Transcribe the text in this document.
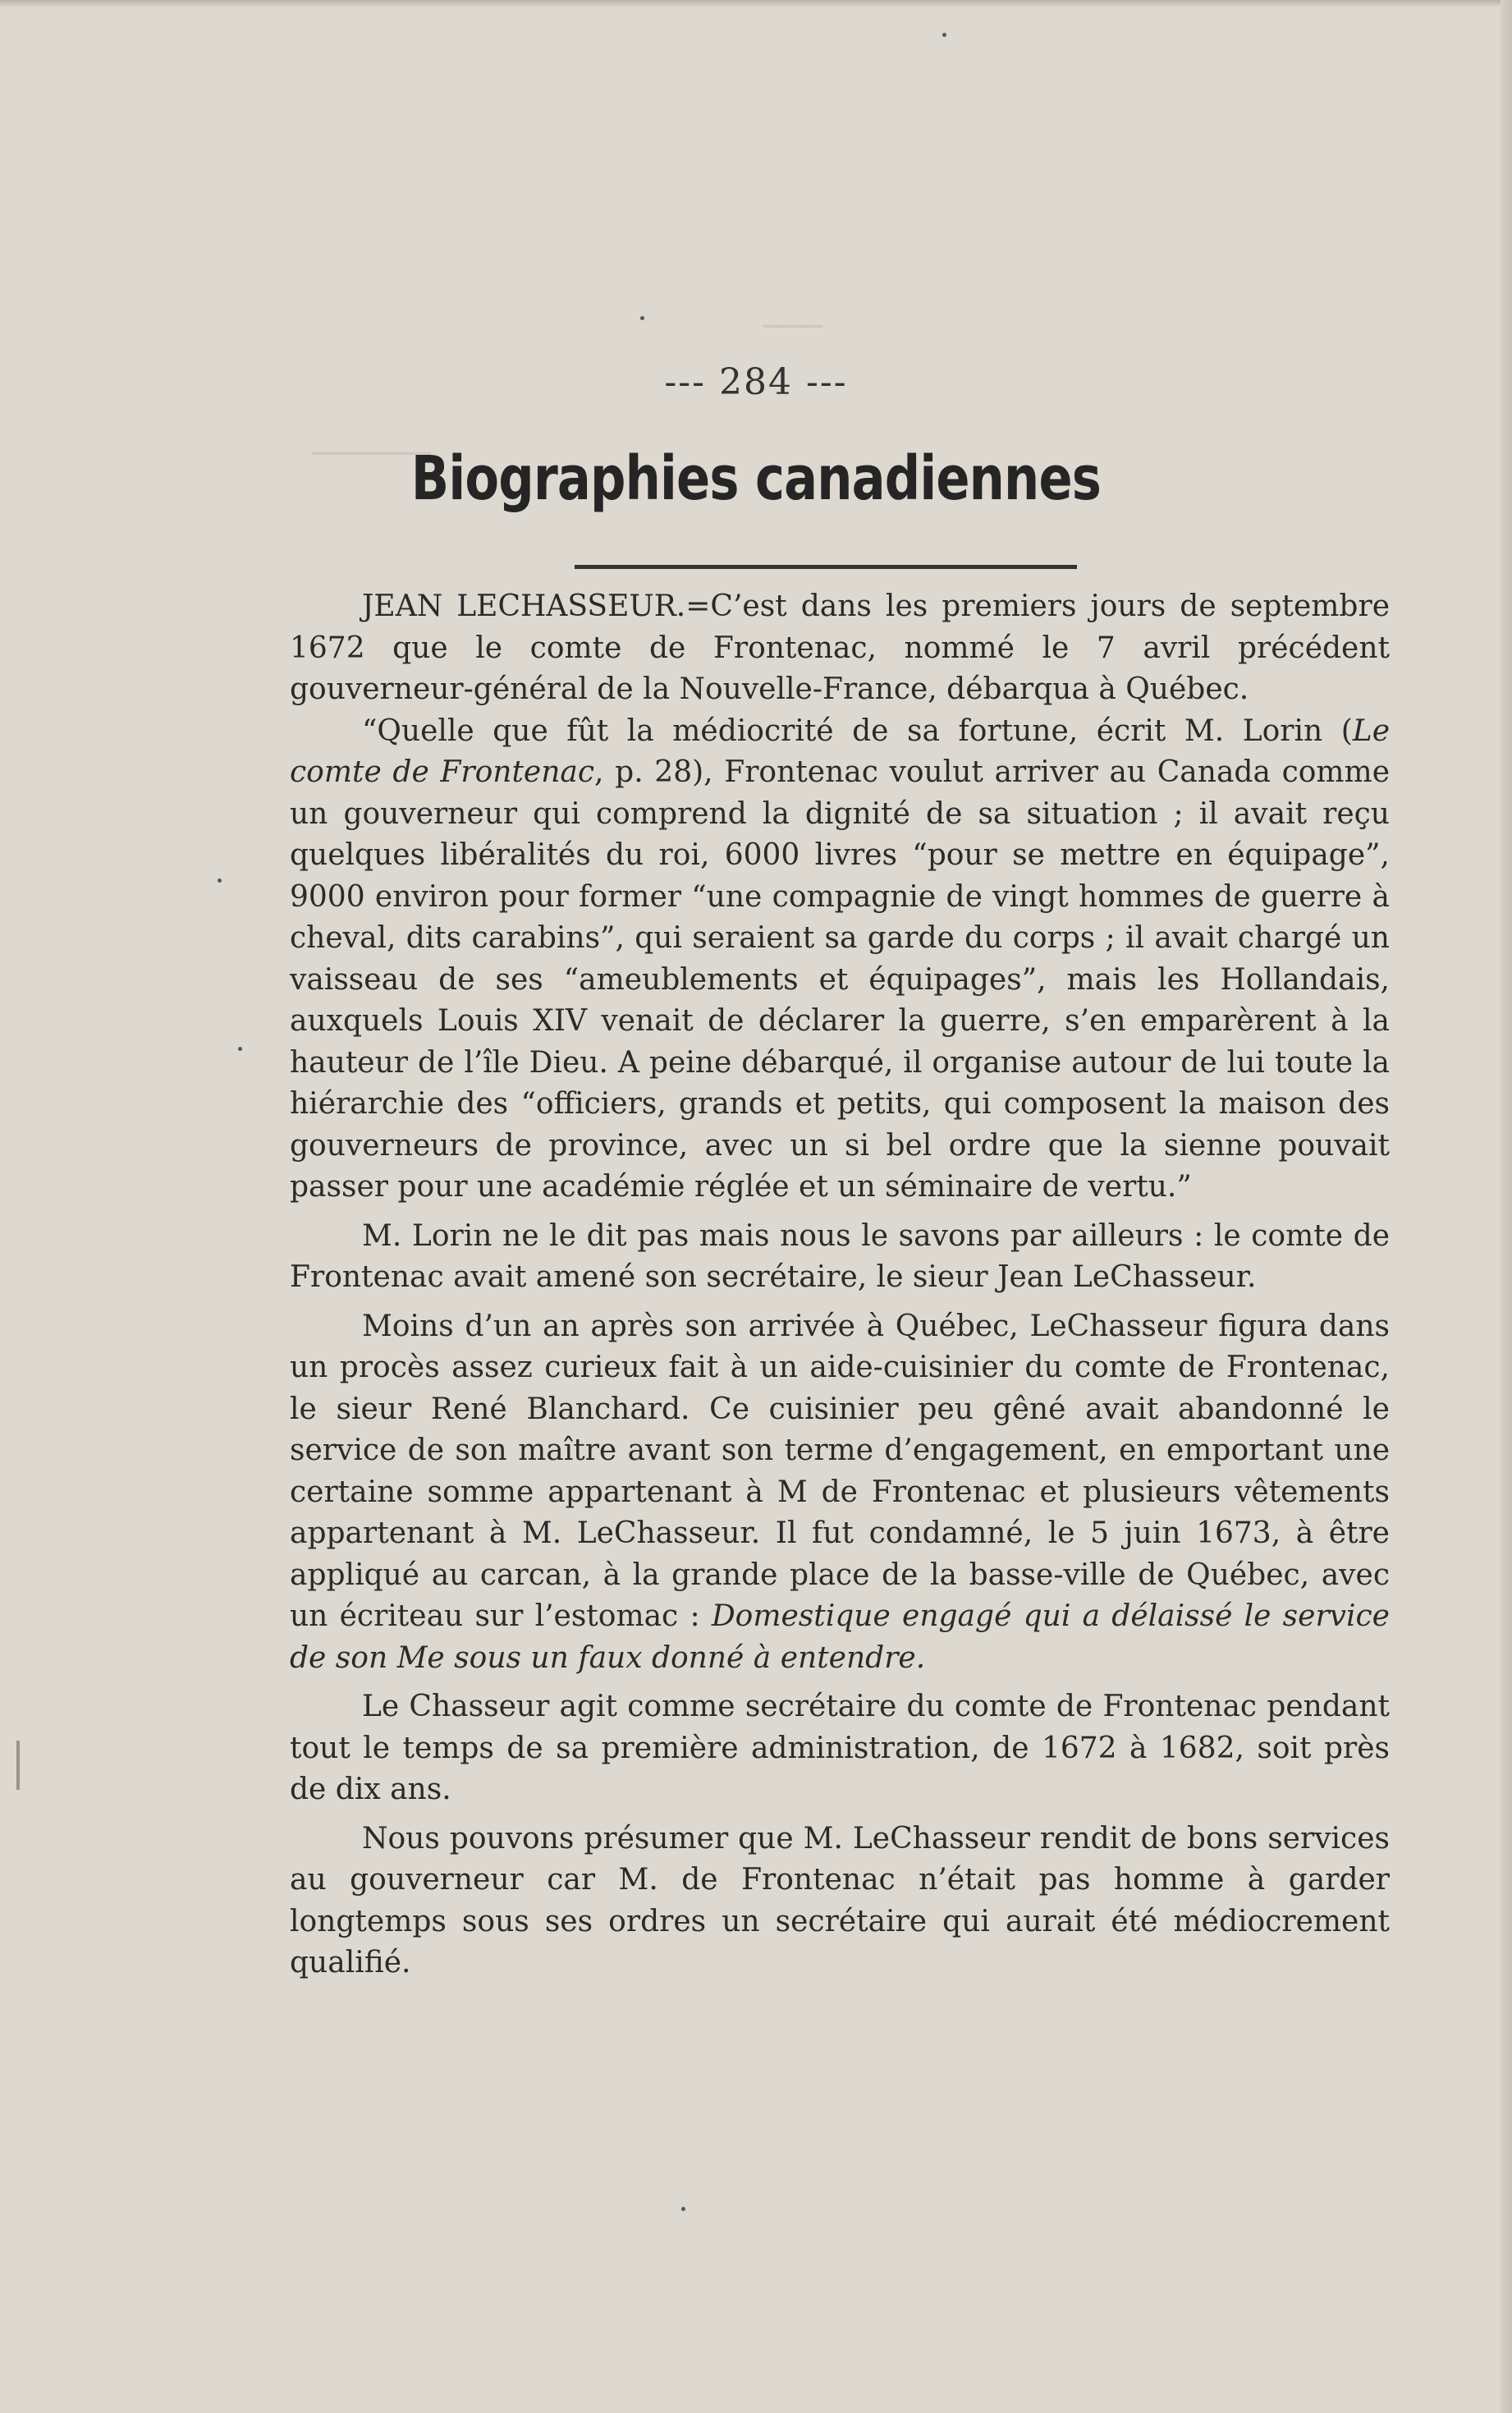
───
──────
--- 284 ---
Biographies canadiennes

JEAN LECHASSEUR.=C’est dans les premiers jours de septembre 1672 que le comte de Frontenac, nommé le 7 avril précédent gouverneur-général de la Nouvelle-France, débarqua à Québec.

“Quelle que fût la médiocrité de sa fortune, écrit M. Lorin (Le comte de Frontenac, p. 28), Frontenac voulut arriver au Canada comme un gouverneur qui comprend la dignité de sa situation ; il avait reçu quelques libéralités du roi, 6000 livres “pour se mettre en équipage”, 9000 environ pour former “une compagnie de vingt hommes de guerre à cheval, dits carabins”, qui seraient sa garde du corps ; il avait chargé un vaisseau de ses “ameublements et équipages”, mais les Hollandais, auxquels Louis XIV venait de déclarer la guerre, s’en emparèrent à la hauteur de l’île Dieu. A peine débarqué, il organise autour de lui toute la hiérarchie des “officiers, grands et petits, qui composent la maison des gouverneurs de province, avec un si bel ordre que la sienne pouvait passer pour une académie réglée et un séminaire de vertu.”

M. Lorin ne le dit pas mais nous le savons par ailleurs : le comte de Frontenac avait amené son secrétaire, le sieur Jean LeChasseur.

Moins d’un an après son arrivée à Québec, LeChasseur figura dans un procès assez curieux fait à un aide-cuisinier du comte de Frontenac, le sieur René Blanchard. Ce cuisinier peu gêné avait abandonné le service de son maître avant son terme d’engagement, en emportant une certaine somme appartenant à M de Frontenac et plusieurs vêtements appartenant à M. LeChasseur. Il fut condamné, le 5 juin 1673, à être appliqué au carcan, à la grande place de la basse-ville de Québec, avec un écriteau sur l’estomac : Domestique engagé qui a délaissé le service de son Me sous un faux donné à entendre.

Le Chasseur agit comme secrétaire du comte de Frontenac pendant tout le temps de sa première administration, de 1672 à 1682, soit près de dix ans.

Nous pouvons présumer que M. LeChasseur rendit de bons services au gouverneur car M. de Frontenac n’était pas homme à garder longtemps sous ses ordres un secrétaire qui aurait été médiocrement qualifié.
